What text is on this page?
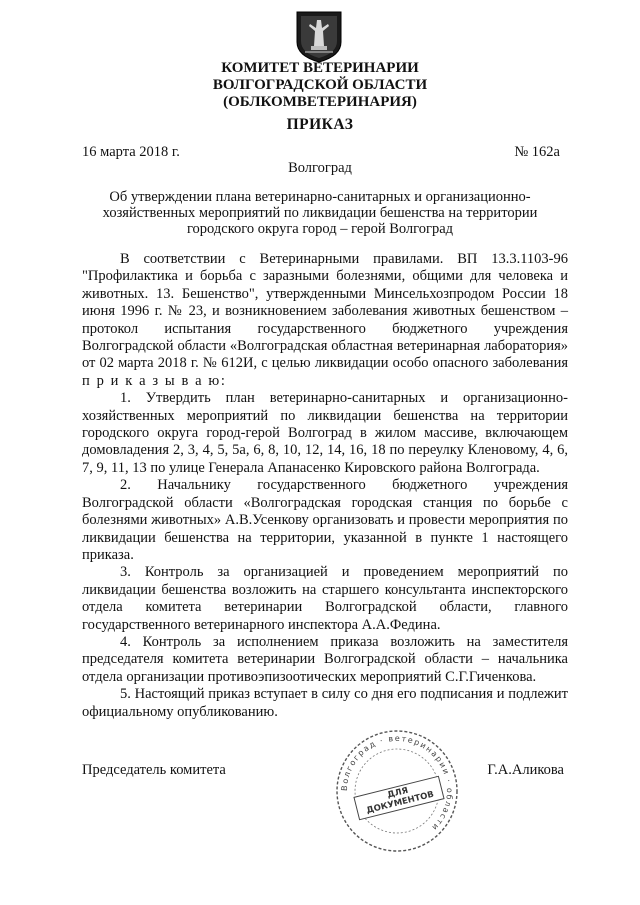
КОМИТЕТ ВЕТЕРИНАРИИ
ВОЛГОГРАДСКОЙ ОБЛАСТИ
(ОБЛКОМВЕТЕРИНАРИЯ)
ПРИКАЗ
16 марта 2018 г.	№ 162а
Волгоград
Об утверждении плана ветеринарно-санитарных и организационно-
хозяйственных мероприятий по ликвидации бешенства на территории
городского округа город – герой Волгоград

В соответствии с Ветеринарными правилами. ВП 13.3.1103-96 "Профилактика и борьба с заразными болезнями, общими для человека и животных. 13. Бешенство", утвержденными Минсельхозпродом России 18 июня 1996 г. № 23, и возникновением заболевания животных бешенством – протокол испытания государственного бюджетного учреждения Волгоградской области «Волгоградская областная ветеринарная лаборатория» от 02 марта 2018 г. № 612И, с целью ликвидации особо опасного заболевания п р и к а з ы в а ю:

1. Утвердить план ветеринарно-санитарных и организационно-хозяйственных мероприятий по ликвидации бешенства на территории городского округа город-герой Волгоград в жилом массиве, включающем домовладения 2, 3, 4, 5, 5а, 6, 8, 10, 12, 14, 16, 18 по переулку Кленовому, 4, 6, 7, 9, 11, 13 по улице Генерала Апанасенко Кировского района Волгограда.

2. Начальнику государственного бюджетного учреждения Волгоградской области «Волгоградская городская станция по борьбе с болезнями животных» А.В.Усенкову организовать и провести мероприятия по ликвидации бешенства на территории, указанной в пункте 1 настоящего приказа.

3. Контроль за организацией и проведением мероприятий по ликвидации бешенства возложить на старшего консультанта инспекторского отдела комитета ветеринарии Волгоградской области, главного государственного ветеринарного инспектора А.А.Федина.

4. Контроль за исполнением приказа возложить на заместителя председателя комитета ветеринарии Волгоградской области – начальника отдела организации противоэпизоотических мероприятий С.Г.Гиченкова.

5. Настоящий приказ вступает в силу со дня его подписания и подлежит официальному опубликованию.

Волгоград · ветеринарии · области
ДЛЯ ДОКУМЕНТОВ
Председатель комитета	Г.А.Аликова
